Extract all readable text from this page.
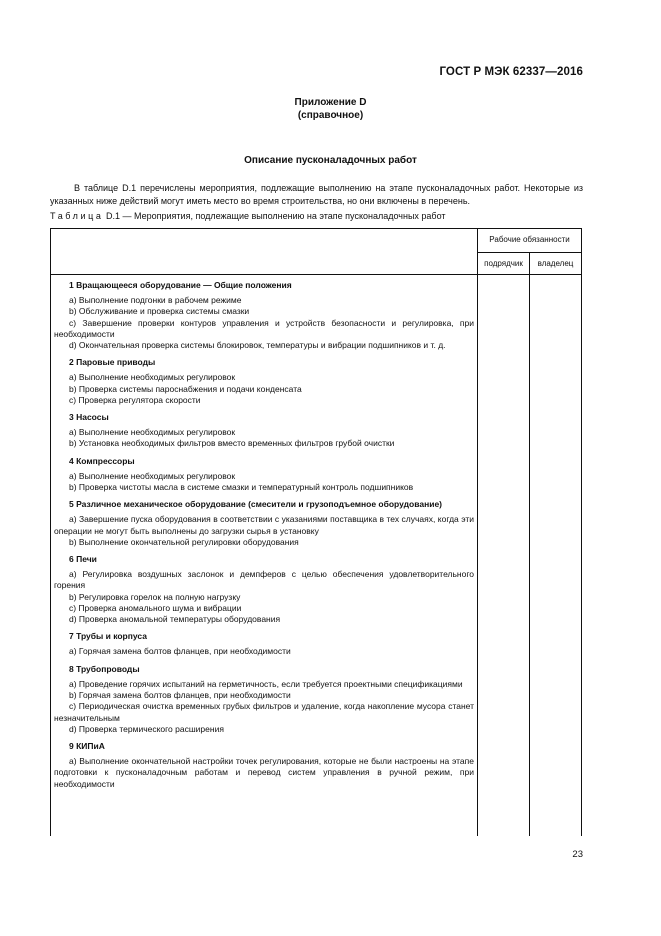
ГОСТ Р МЭК 62337—2016
Приложение D
(справочное)
Описание пусконаладочных работ

В таблице D.1 перечислены мероприятия, подлежащие выполнению на этапе пусконаладочных работ. Некоторые из указанных ниже действий могут иметь место во время строительства, но они включены в перечень.

Таблица D.1 — Мероприятия, подлежащие выполнению на этапе пусконаладочных работ
Рабочие обязанности
подрядчик	владелец
1 Вращающееся оборудование — Общие положения
a) Выполнение подгонки в рабочем режиме
b) Обслуживание и проверка системы смазки
c) Завершение проверки контуров управления и устройств безопасности и регулировка, при необходимости
d) Окончательная проверка системы блокировок, температуры и вибрации подшипников и т. д.
2 Паровые приводы
a) Выполнение необходимых регулировок
b) Проверка системы пароснабжения и подачи конденсата
c) Проверка регулятора скорости
3 Насосы
a) Выполнение необходимых регулировок
b) Установка необходимых фильтров вместо временных фильтров грубой очистки
4 Компрессоры
a) Выполнение необходимых регулировок
b) Проверка чистоты масла в системе смазки и температурный контроль подшипников
5 Различное механическое оборудование (смесители и грузоподъемное оборудование)
a) Завершение пуска оборудования в соответствии с указаниями поставщика в тех случаях, когда эти операции не могут быть выполнены до загрузки сырья в установку
b) Выполнение окончательной регулировки оборудования
6 Печи
a) Регулировка воздушных заслонок и демпферов с целью обеспечения удовлетворительного горения
b) Регулировка горелок на полную нагрузку
c) Проверка аномального шума и вибрации
d) Проверка аномальной температуры оборудования
7 Трубы и корпуса
a) Горячая замена болтов фланцев, при необходимости
8 Трубопроводы
a) Проведение горячих испытаний на герметичность, если требуется проектными спецификациями
b) Горячая замена болтов фланцев, при необходимости
c) Периодическая очистка временных грубых фильтров и удаление, когда накопление мусора станет незначительным
d) Проверка термического расширения
9 КИПиА
a) Выполнение окончательной настройки точек регулирования, которые не были настроены на этапе подготовки к пусконаладочным работам и перевод систем управления в ручной режим, при необходимости
23
